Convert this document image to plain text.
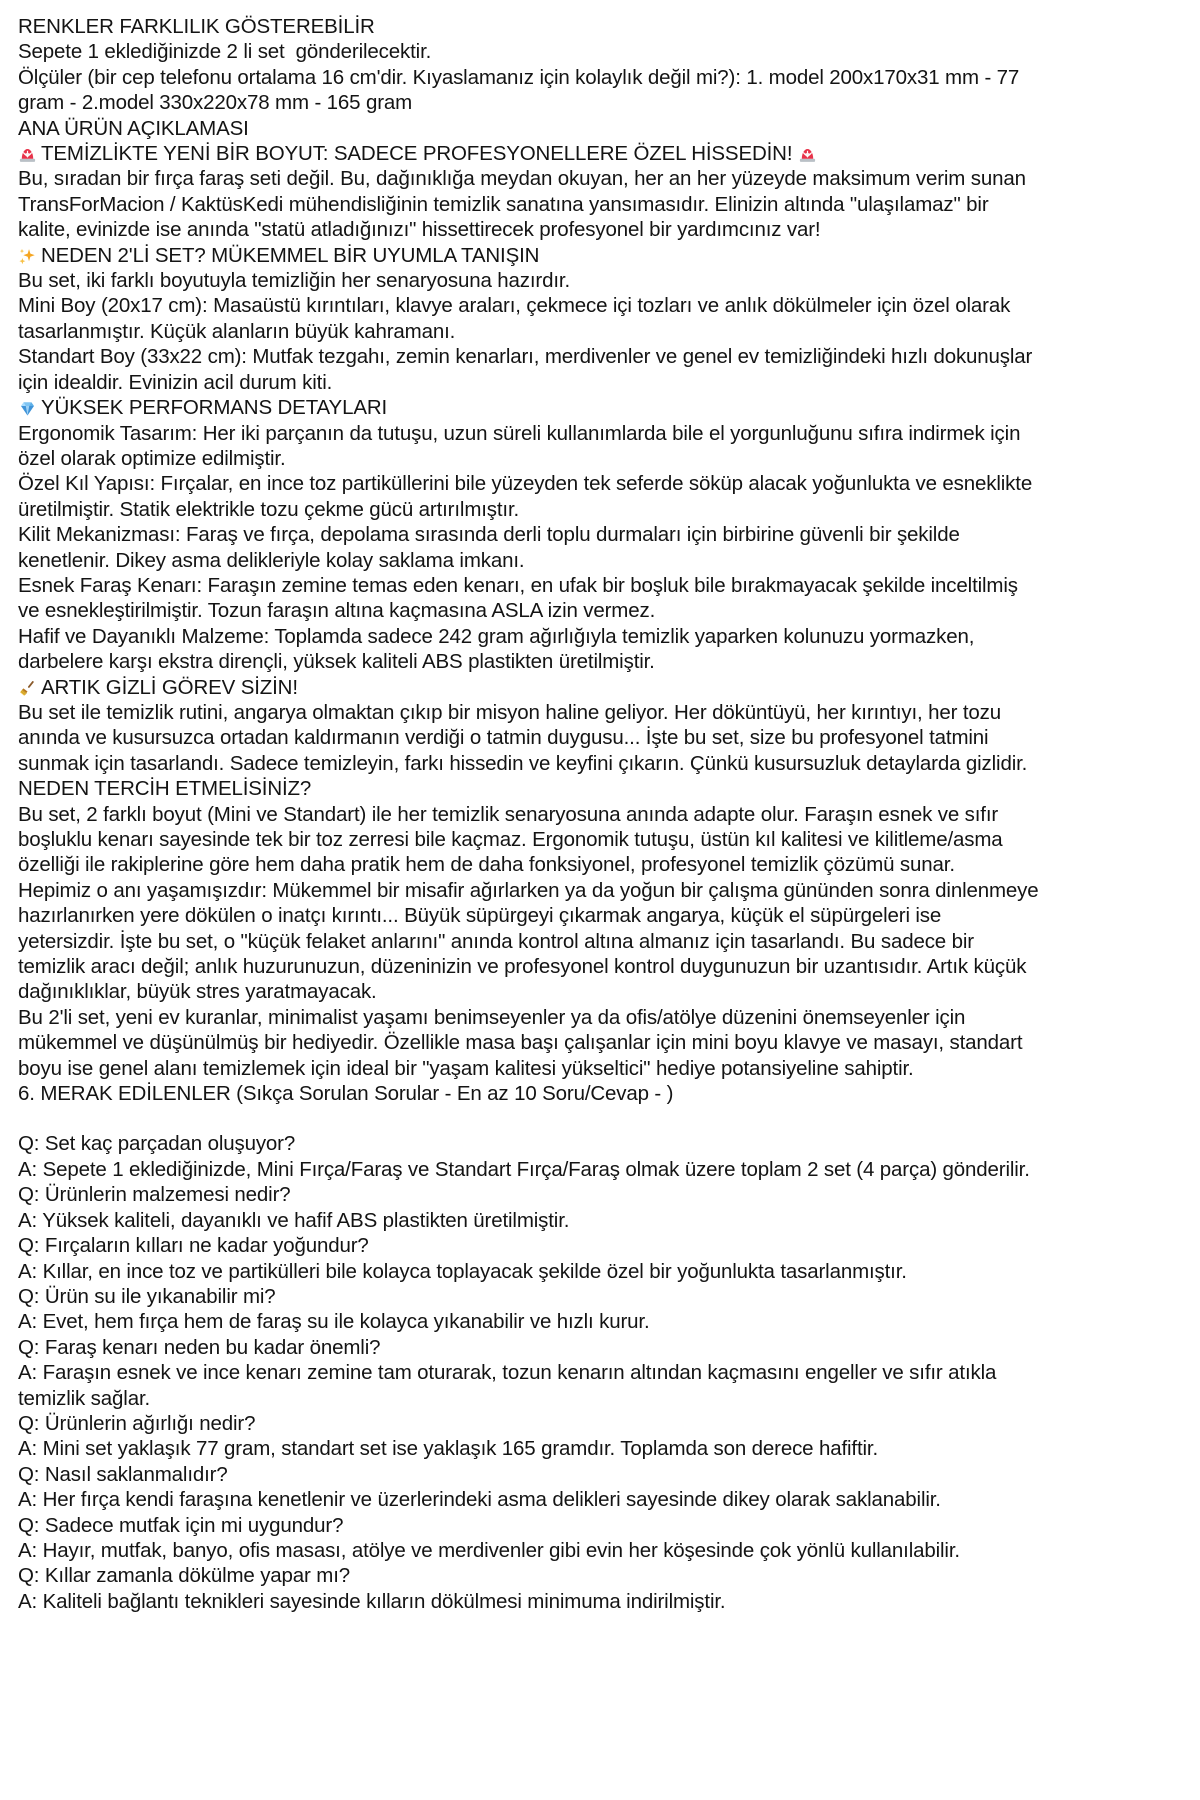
RENKLER FARKLILIK GÖSTEREBİLİR
Sepete 1 eklediğinizde 2 li set  gönderilecektir.
Ölçüler (bir cep telefonu ortalama 16 cm'dir. Kıyaslamanız için kolaylık değil mi?): 1. model 200x170x31 mm - 77 gram - 2.model 330x220x78 mm - 165 gram
ANA ÜRÜN AÇIKLAMASI
TEMİZLİKTE YENİ BİR BOYUT: SADECE PROFESYONELLERE ÖZEL HİSSEDİN!
Bu, sıradan bir fırça faraş seti değil. Bu, dağınıklığa meydan okuyan, her an her yüzeyde maksimum verim sunan TransForMacion / KaktüsKedi mühendisliğinin temizlik sanatına yansımasıdır. Elinizin altında "ulaşılamaz" bir kalite, evinizde ise anında "statü atladığınızı" hissettirecek profesyonel bir yardımcınız var!
NEDEN 2'Lİ SET? MÜKEMMEL BİR UYUMLA TANIŞIN
Bu set, iki farklı boyutuyla temizliğin her senaryosuna hazırdır.
Mini Boy (20x17 cm): Masaüstü kırıntıları, klavye araları, çekmece içi tozları ve anlık dökülmeler için özel olarak tasarlanmıştır. Küçük alanların büyük kahramanı.
Standart Boy (33x22 cm): Mutfak tezgahı, zemin kenarları, merdivenler ve genel ev temizliğindeki hızlı dokunuşlar için idealdir. Evinizin acil durum kiti.
YÜKSEK PERFORMANS DETAYLARI
Ergonomik Tasarım: Her iki parçanın da tutuşu, uzun süreli kullanımlarda bile el yorgunluğunu sıfıra indirmek için özel olarak optimize edilmiştir.
Özel Kıl Yapısı: Fırçalar, en ince toz partiküllerini bile yüzeyden tek seferde söküp alacak yoğunlukta ve esneklikte üretilmiştir. Statik elektrikle tozu çekme gücü artırılmıştır.
Kilit Mekanizması: Faraş ve fırça, depolama sırasında derli toplu durmaları için birbirine güvenli bir şekilde kenetlenir. Dikey asma delikleriyle kolay saklama imkanı.
Esnek Faraş Kenarı: Faraşın zemine temas eden kenarı, en ufak bir boşluk bile bırakmayacak şekilde inceltilmiş ve esnekleştirilmiştir. Tozun faraşın altına kaçmasına ASLA izin vermez.
Hafif ve Dayanıklı Malzeme: Toplamda sadece 242 gram ağırlığıyla temizlik yaparken kolunuzu yormazken, darbelere karşı ekstra dirençli, yüksek kaliteli ABS plastikten üretilmiştir.
ARTIK GİZLİ GÖREV SİZİN!
Bu set ile temizlik rutini, angarya olmaktan çıkıp bir misyon haline geliyor. Her döküntüyü, her kırıntıyı, her tozu anında ve kusursuzca ortadan kaldırmanın verdiği o tatmin duygusu... İşte bu set, size bu profesyonel tatmini sunmak için tasarlandı. Sadece temizleyin, farkı hissedin ve keyfini çıkarın. Çünkü kusursuzluk detaylarda gizlidir.
NEDEN TERCİH ETMELİSİNİZ?
Bu set, 2 farklı boyut (Mini ve Standart) ile her temizlik senaryosuna anında adapte olur. Faraşın esnek ve sıfır boşluklu kenarı sayesinde tek bir toz zerresi bile kaçmaz. Ergonomik tutuşu, üstün kıl kalitesi ve kilitleme/asma özelliği ile rakiplerine göre hem daha pratik hem de daha fonksiyonel, profesyonel temizlik çözümü sunar.
Hepimiz o anı yaşamışızdır: Mükemmel bir misafir ağırlarken ya da yoğun bir çalışma gününden sonra dinlenmeye hazırlanırken yere dökülen o inatçı kırıntı... Büyük süpürgeyi çıkarmak angarya, küçük el süpürgeleri ise yetersizdir. İşte bu set, o "küçük felaket anlarını" anında kontrol altına almanız için tasarlandı. Bu sadece bir temizlik aracı değil; anlık huzurunuzun, düzeninizin ve profesyonel kontrol duygunuzun bir uzantısıdır. Artık küçük dağınıklıklar, büyük stres yaratmayacak.
Bu 2'li set, yeni ev kuranlar, minimalist yaşamı benimseyenler ya da ofis/atölye düzenini önemseyenler için mükemmel ve düşünülmüş bir hediyedir. Özellikle masa başı çalışanlar için mini boyu klavye ve masayı, standart boyu ise genel alanı temizlemek için ideal bir "yaşam kalitesi yükseltici" hediye potansiyeline sahiptir.
6. MERAK EDİLENLER (Sıkça Sorulan Sorular - En az 10 Soru/Cevap - )
Q: Set kaç parçadan oluşuyor?
A: Sepete 1 eklediğinizde, Mini Fırça/Faraş ve Standart Fırça/Faraş olmak üzere toplam 2 set (4 parça) gönderilir.
Q: Ürünlerin malzemesi nedir?
A: Yüksek kaliteli, dayanıklı ve hafif ABS plastikten üretilmiştir.
Q: Fırçaların kılları ne kadar yoğundur?
A: Kıllar, en ince toz ve partikülleri bile kolayca toplayacak şekilde özel bir yoğunlukta tasarlanmıştır.
Q: Ürün su ile yıkanabilir mi?
A: Evet, hem fırça hem de faraş su ile kolayca yıkanabilir ve hızlı kurur.
Q: Faraş kenarı neden bu kadar önemli?
A: Faraşın esnek ve ince kenarı zemine tam oturarak, tozun kenarın altından kaçmasını engeller ve sıfır atıkla temizlik sağlar.
Q: Ürünlerin ağırlığı nedir?
A: Mini set yaklaşık 77 gram, standart set ise yaklaşık 165 gramdır. Toplamda son derece hafiftir.
Q: Nasıl saklanmalıdır?
A: Her fırça kendi faraşına kenetlenir ve üzerlerindeki asma delikleri sayesinde dikey olarak saklanabilir.
Q: Sadece mutfak için mi uygundur?
A: Hayır, mutfak, banyo, ofis masası, atölye ve merdivenler gibi evin her köşesinde çok yönlü kullanılabilir.
Q: Kıllar zamanla dökülme yapar mı?
A: Kaliteli bağlantı teknikleri sayesinde kılların dökülmesi minimuma indirilmiştir.
